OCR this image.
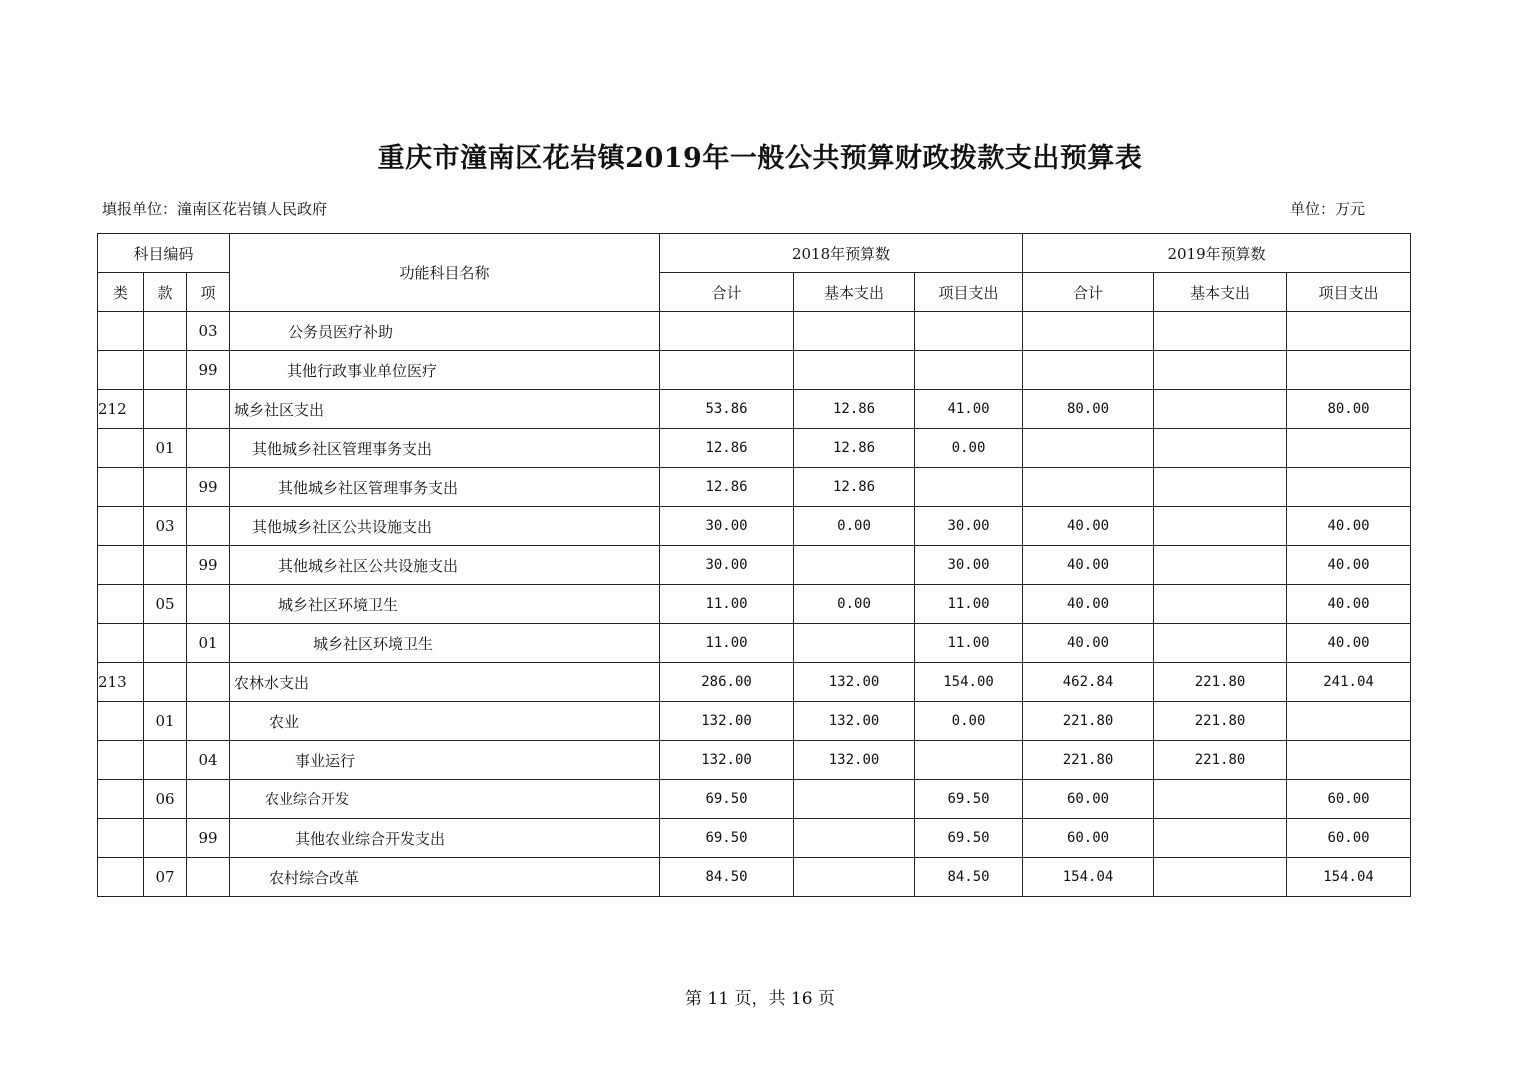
重庆市潼南区花岩镇2019年一般公共预算财政拨款支出预算表
填报单位：潼南区花岩镇人民政府	单位：万元
科目编码			功能科目名称	2018年预算数			2019年预算数		
类	款	项		合计	基本支出	项目支出	合计	基本支出	项目支出
		03	公务员医疗补助						
		99	其他行政事业单位医疗						
212			城乡社区支出	53.86	12.86	41.00	80.00		80.00
	01		其他城乡社区管理事务支出	12.86	12.86	0.00			
		99	其他城乡社区管理事务支出	12.86	12.86				
	03		其他城乡社区公共设施支出	30.00	0.00	30.00	40.00		40.00
		99	其他城乡社区公共设施支出	30.00		30.00	40.00		40.00
	05		城乡社区环境卫生	11.00	0.00	11.00	40.00		40.00
		01	城乡社区环境卫生	11.00		11.00	40.00		40.00
213			农林水支出	286.00	132.00	154.00	462.84	221.80	241.04
	01		农业	132.00	132.00	0.00	221.80	221.80	
		04	事业运行	132.00	132.00		221.80	221.80	
	06		农业综合开发	69.50		69.50	60.00		60.00
		99	其他农业综合开发支出	69.50		69.50	60.00		60.00
	07		农村综合改革	84.50		84.50	154.04		154.04
第 11 页，共 16 页
